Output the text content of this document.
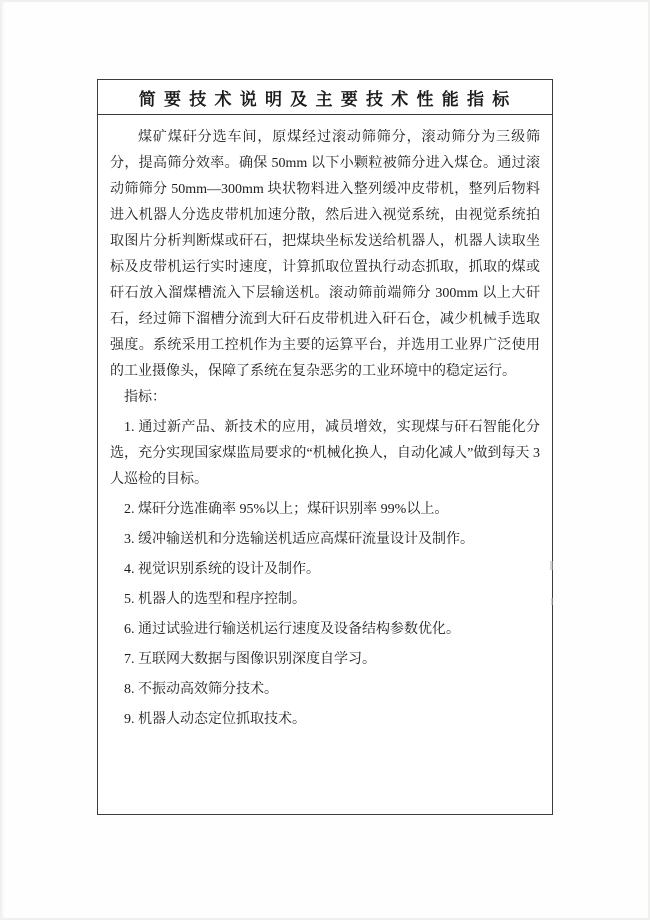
简 要 技 术 说 明 及 主 要 技 术 性 能 指 标

煤矿煤矸分选车间，原煤经过滚动筛筛分，滚动筛分为三级筛分，提高筛分效率。确保 50mm 以下小颗粒被筛分进入煤仓。通过滚动筛筛分 50mm—300mm 块状物料进入整列缓冲皮带机，整列后物料进入机器人分选皮带机加速分散，然后进入视觉系统，由视觉系统拍取图片分析判断煤或矸石，把煤块坐标发送给机器人，机器人读取坐标及皮带机运行实时速度，计算抓取位置执行动态抓取，抓取的煤或矸石放入溜煤槽流入下层输送机。滚动筛前端筛分 300mm 以上大矸石，经过筛下溜槽分流到大矸石皮带机进入矸石仓，减少机械手选取强度。系统采用工控机作为主要的运算平台，并选用工业界广泛使用的工业摄像头，保障了系统在复杂恶劣的工业环境中的稳定运行。

指标：

1. 通过新产品、新技术的应用，减员增效，实现煤与矸石智能化分选，充分实现国家煤监局要求的“机械化换人，自动化减人”做到每天 3 人巡检的目标。

2. 煤矸分选准确率 95%以上；煤矸识别率 99%以上。

3. 缓冲输送机和分选输送机适应高煤矸流量设计及制作。

4. 视觉识别系统的设计及制作。

5. 机器人的选型和程序控制。

6. 通过试验进行输送机运行速度及设备结构参数优化。

7. 互联网大数据与图像识别深度自学习。

8. 不振动高效筛分技术。

9. 机器人动态定位抓取技术。
